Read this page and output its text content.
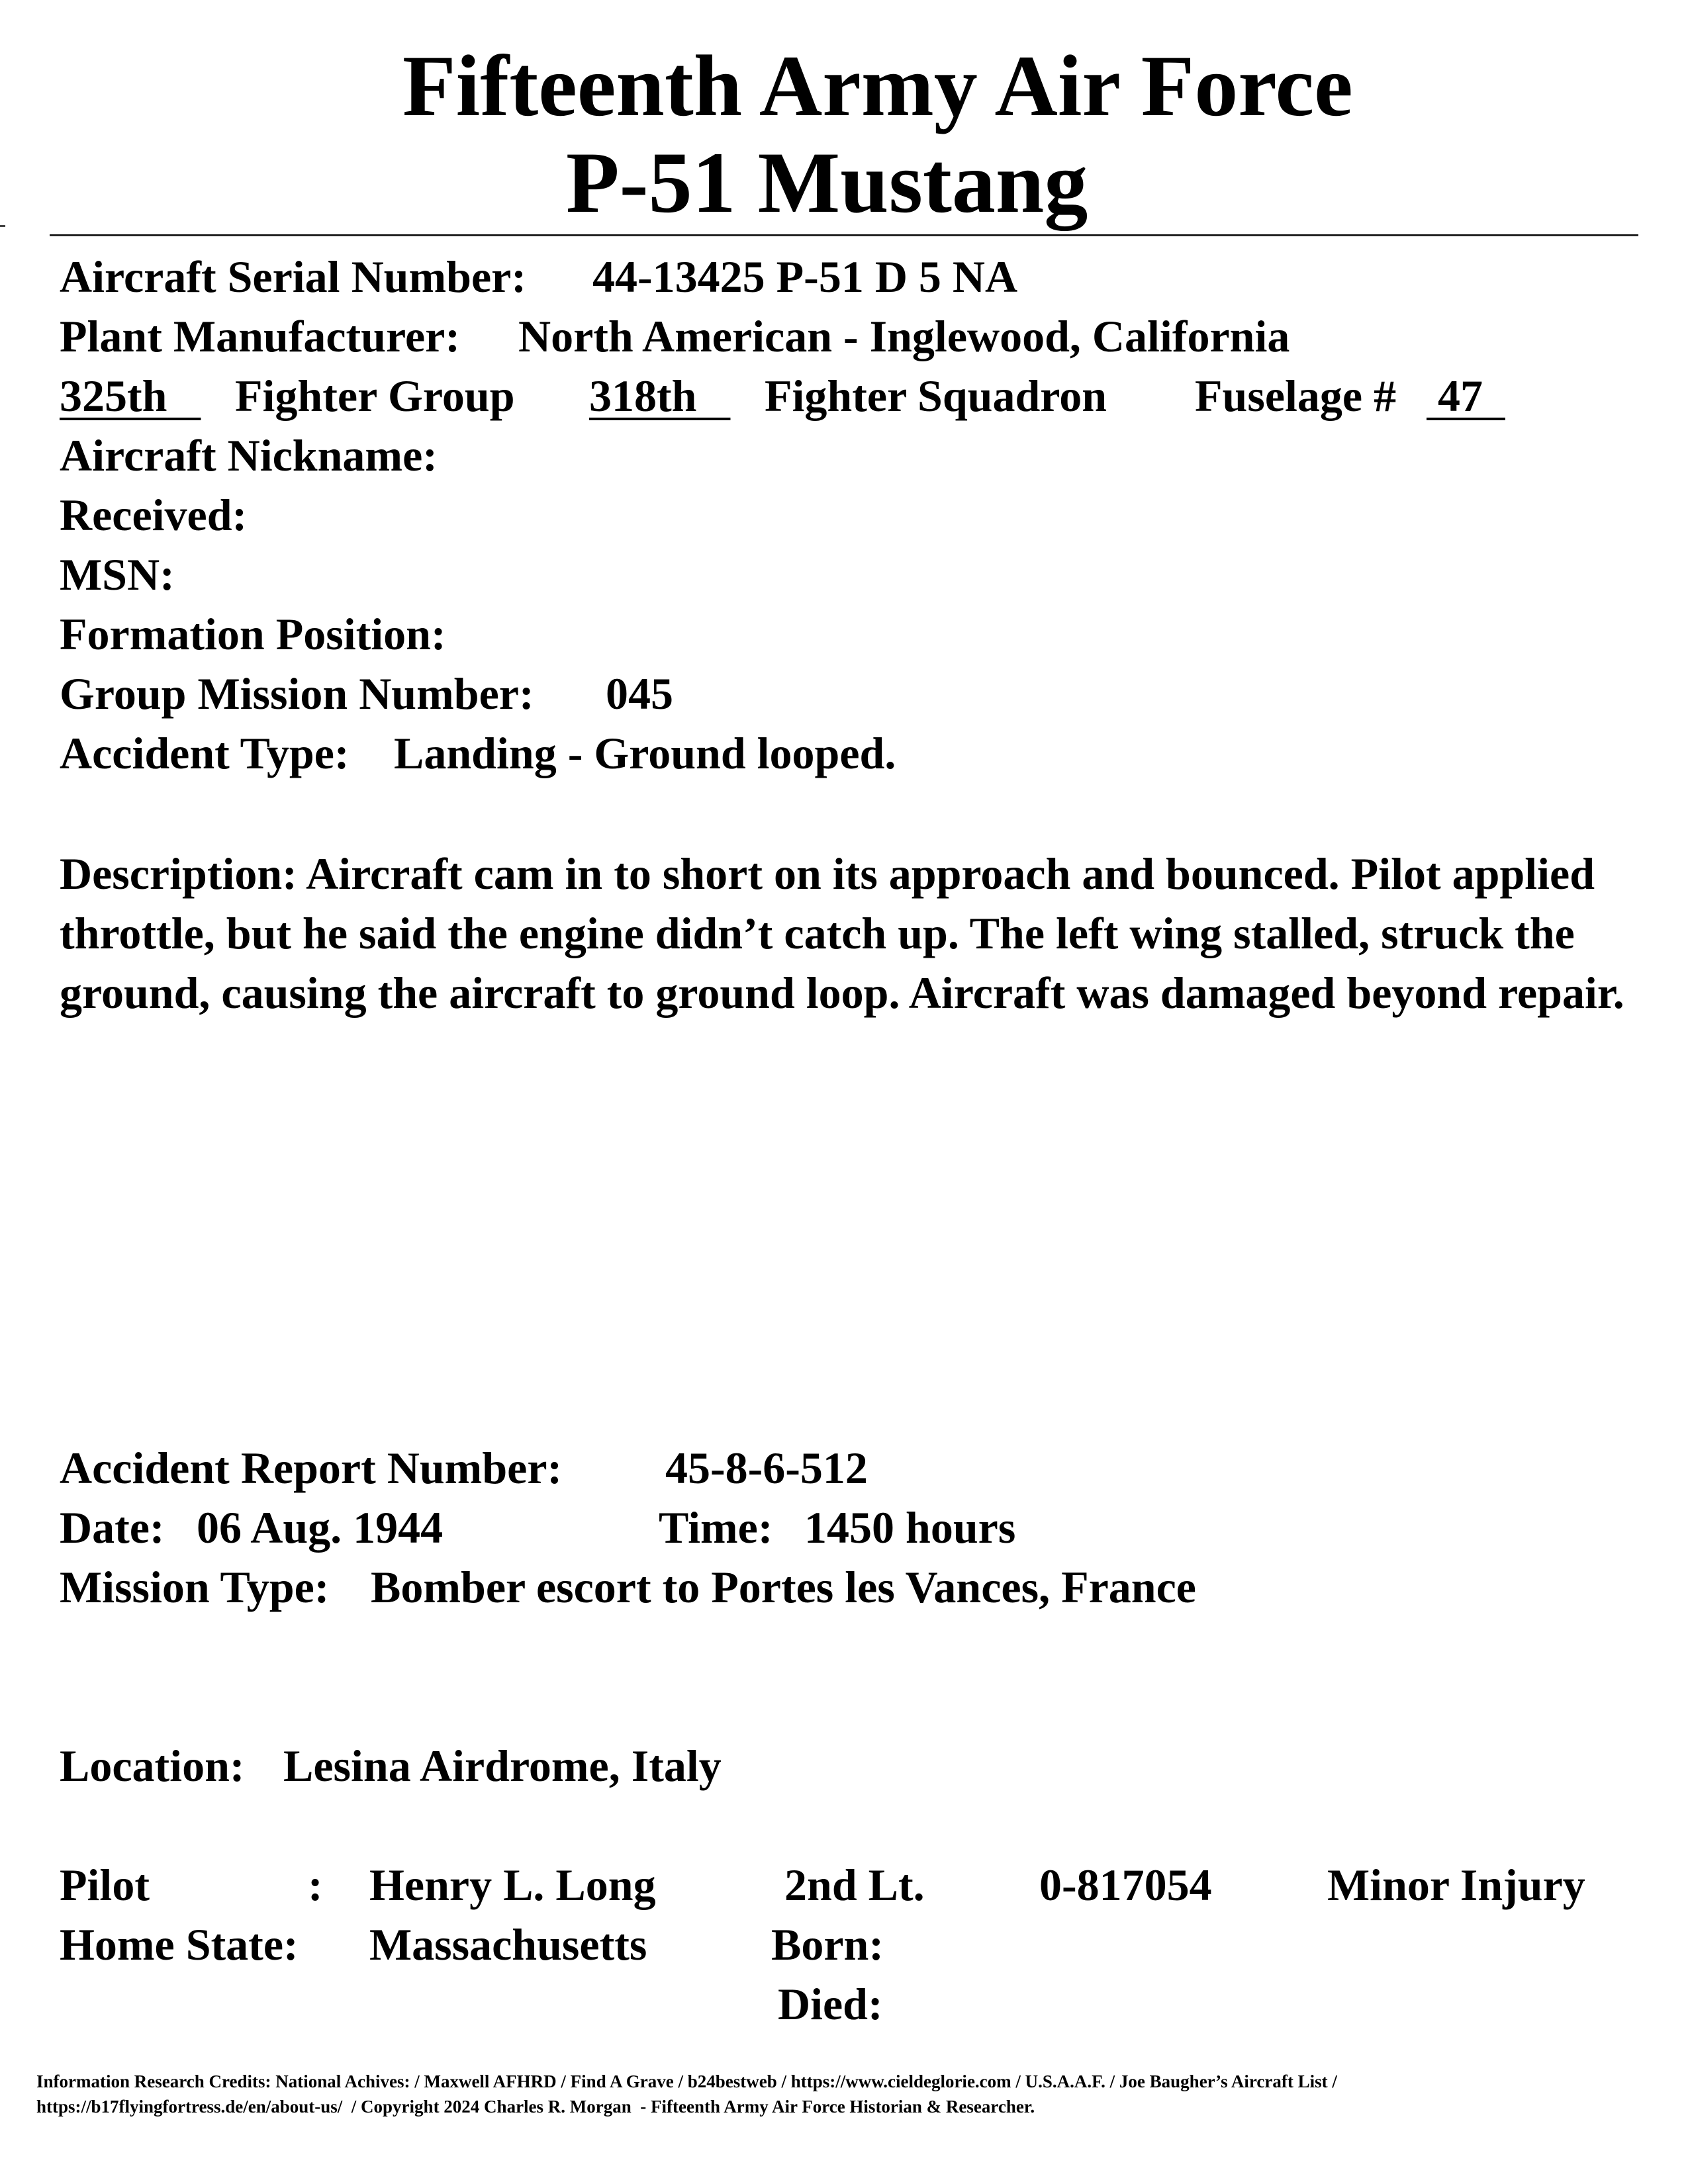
Fifteenth Army Air Force
P-51 Mustang
Aircraft Serial Number: 44-13425 P-51 D 5 NA
Plant Manufacturer: North American - Inglewood, California
325th	Fighter Group 318th	Fighter Squadron Fuselage # 47
Aircraft Nickname:
Received:
MSN:
Formation Position:
Group Mission Number: 045
Accident Type: Landing - Ground looped.
Description: Aircraft cam in to short on its approach and bounced. Pilot applied throttle, but he said the engine didn’t catch up. The left wing stalled, struck the ground, causing the aircraft to ground loop. Aircraft was damaged beyond repair.
Accident Report Number: 45-8-6-512
Date: 06 Aug. 1944	Time: 1450 hours
Mission Type: Bomber escort to Portes les Vances, France
Location: Lesina Airdrome, Italy
Pilot	: Henry L. Long	2nd Lt.	0-817054	Minor Injury
Home State: Massachusetts	Born:
Died:
Information Research Credits: National Achives: / Maxwell AFHRD / Find A Grave / b24bestweb / https://www.cieldeglorie.com / U.S.A.A.F. / Joe Baugher’s Aircraft List /
https://b17flyingfortress.de/en/about-us/  / Copyright 2024 Charles R. Morgan  - Fifteenth Army Air Force Historian & Researcher.
